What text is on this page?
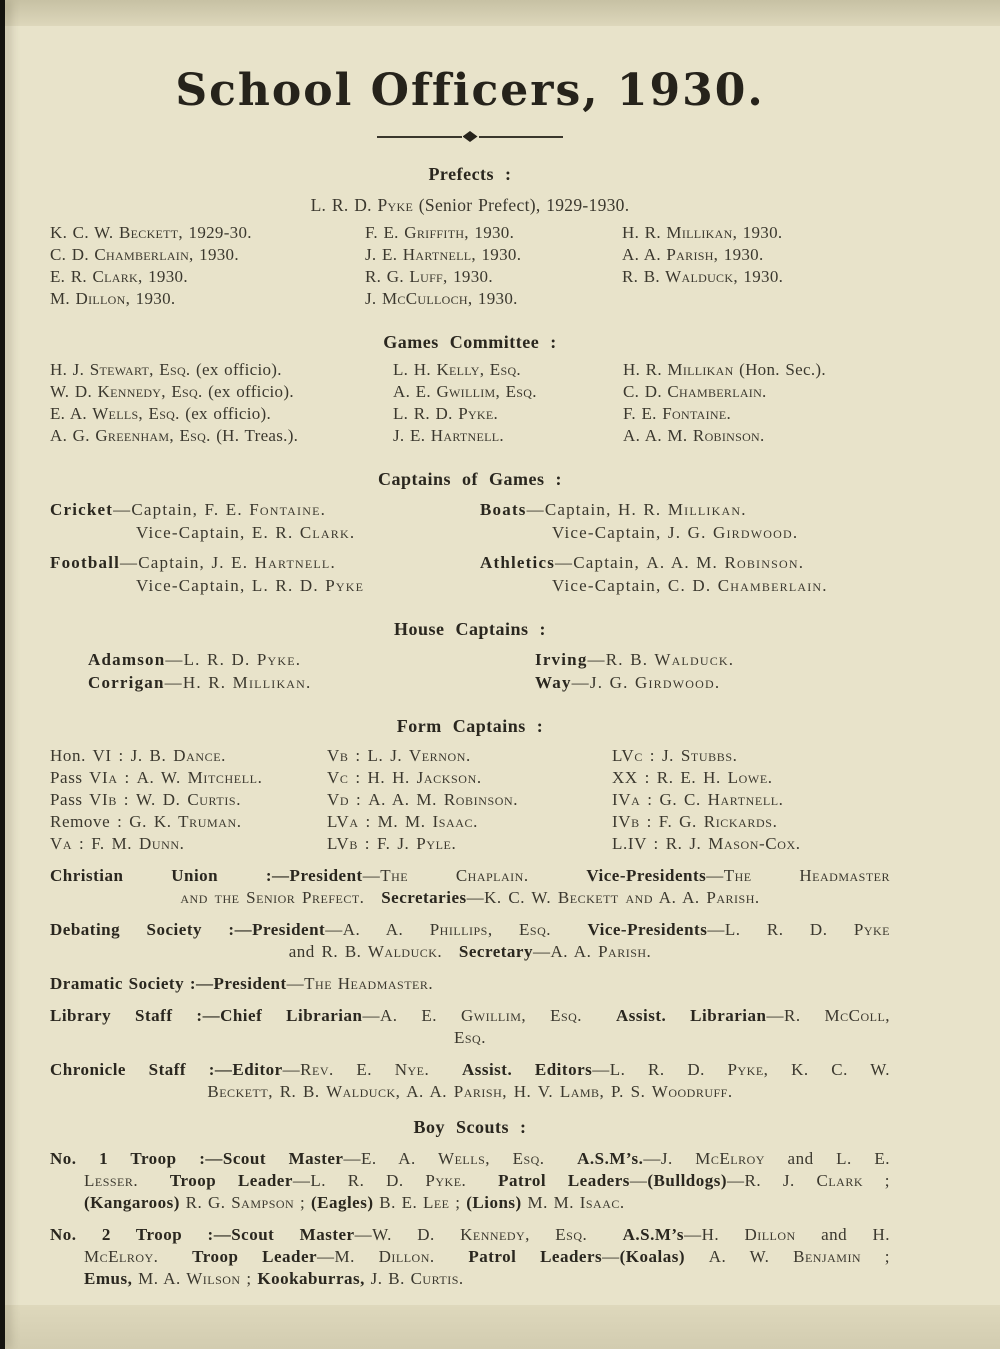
School Officers, 1930.
Prefects :

L. R. D. Pyke (Senior Prefect), 1929-1930.

K. C. W. Beckett, 1929-30.

C. D. Chamberlain, 1930.

E. R. Clark, 1930.

M. Dillon, 1930.

F. E. Griffith, 1930.

J. E. Hartnell, 1930.

R. G. Luff, 1930.

J. McCulloch, 1930.

H. R. Millikan, 1930.

A. A. Parish, 1930.

R. B. Walduck, 1930.

Games Committee :

H. J. Stewart, Esq. (ex officio).

W. D. Kennedy, Esq. (ex officio).

E. A. Wells, Esq. (ex officio).

A. G. Greenham, Esq. (H. Treas.).

L. H. Kelly, Esq.

A. E. Gwillim, Esq.

L. R. D. Pyke.

J. E. Hartnell.

H. R. Millikan (Hon. Sec.).

C. D. Chamberlain.

F. E. Fontaine.

A. A. M. Robinson.

Captains of Games :

Cricket—Captain, F. E. Fontaine.

Vice-Captain, E. R. Clark.

Football—Captain, J. E. Hartnell.

Vice-Captain, L. R. D. Pyke

Boats—Captain, H. R. Millikan.

Vice-Captain, J. G. Girdwood.

Athletics—Captain, A. A. M. Robinson.

Vice-Captain, C. D. Chamberlain.

House Captains :

Adamson—L. R. D. Pyke.

Corrigan—H. R. Millikan.

Irving—R. B. Walduck.

Way—J. G. Girdwood.

Form Captains :

Hon. VI : J. B. Dance.

Pass VIa : A. W. Mitchell.

Pass VIb : W. D. Curtis.

Remove : G. K. Truman.

Va : F. M. Dunn.

Vb : L. J. Vernon.

Vc : H. H. Jackson.

Vd : A. A. M. Robinson.

LVa : M. M. Isaac.

LVb : F. J. Pyle.

LVc : J. Stubbs.

XX : R. E. H. Lowe.

IVa : G. C. Hartnell.

IVb : F. G. Rickards.

L.IV : R. J. Mason-Cox.

Christian Union :—President—The Chaplain.	Vice-Presidents—The Headmaster

and the Senior Prefect. Secretaries—K. C. W. Beckett and A. A. Parish.

Debating Society :—President—A. A. Phillips, Esq. Vice-Presidents—L. R. D. Pyke

and R. B. Walduck. Secretary—A. A. Parish.

Dramatic Society :—President—The Headmaster.

Library Staff :—Chief Librarian—A. E. Gwillim, Esq. Assist. Librarian—R. McColl,

Esq.

Chronicle Staff :—Editor—Rev. E. Nye. Assist. Editors—L. R. D. Pyke, K. C. W.

Beckett, R. B. Walduck, A. A. Parish, H. V. Lamb, P. S. Woodruff.

Boy Scouts :

No. 1 Troop :—Scout Master—E. A. Wells, Esq. A.S.M’s.—J. McElroy and L. E.

Lesser. Troop Leader—L. R. D. Pyke. Patrol Leaders—(Bulldogs)—R. J. Clark ;

(Kangaroos) R. G. Sampson ; (Eagles) B. E. Lee ; (Lions) M. M. Isaac.

No. 2 Troop :—Scout Master—W. D. Kennedy, Esq. A.S.M’s—H. Dillon and H.

McElroy. Troop Leader—M. Dillon. Patrol Leaders—(Koalas) A. W. Benjamin ;

Emus, M. A. Wilson ; Kookaburras, J. B. Curtis.
